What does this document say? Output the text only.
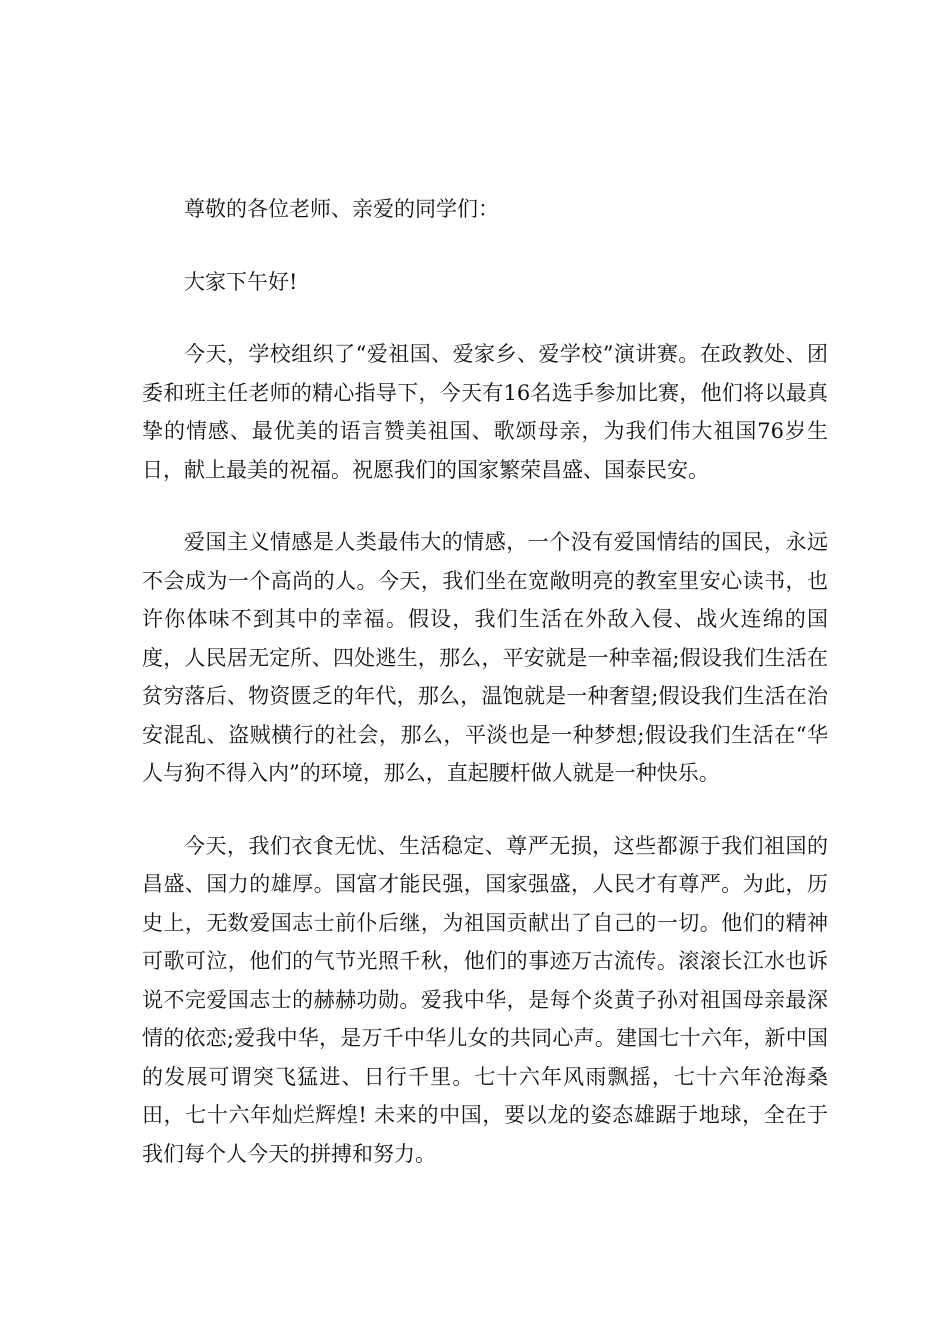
尊敬的各位老师、亲爱的同学们：

大家下午好!

今天，学校组织了“爱祖国、爱家乡、爱学校”演讲赛。在政教处、团委和班主任老师的精心指导下，今天有16名选手参加比赛，他们将以最真挚的情感、最优美的语言赞美祖国、歌颂母亲，为我们伟大祖国76岁生日，献上最美的祝福。祝愿我们的国家繁荣昌盛、国泰民安。

爱国主义情感是人类最伟大的情感，一个没有爱国情结的国民，永远不会成为一个高尚的人。今天，我们坐在宽敞明亮的教室里安心读书，也许你体味不到其中的幸福。假设，我们生活在外敌入侵、战火连绵的国度，人民居无定所、四处逃生，那么，平安就是一种幸福;假设我们生活在贫穷落后、物资匮乏的年代，那么，温饱就是一种奢望;假设我们生活在治安混乱、盗贼横行的社会，那么，平淡也是一种梦想;假设我们生活在“华人与狗不得入内”的环境，那么，直起腰杆做人就是一种快乐。

今天，我们衣食无忧、生活稳定、尊严无损，这些都源于我们祖国的昌盛、国力的雄厚。国富才能民强，国家强盛，人民才有尊严。为此，历史上，无数爱国志士前仆后继，为祖国贡献出了自己的一切。他们的精神可歌可泣，他们的气节光照千秋，他们的事迹万古流传。滚滚长江水也诉说不完爱国志士的赫赫功勋。爱我中华，是每个炎黄子孙对祖国母亲最深情的依恋;爱我中华，是万千中华儿女的共同心声。建国七十六年，新中国的发展可谓突飞猛进、日行千里。七十六年风雨飘摇，七十六年沧海桑田，七十六年灿烂辉煌! 未来的中国，要以龙的姿态雄踞于地球，全在于我们每个人今天的拼搏和努力。
